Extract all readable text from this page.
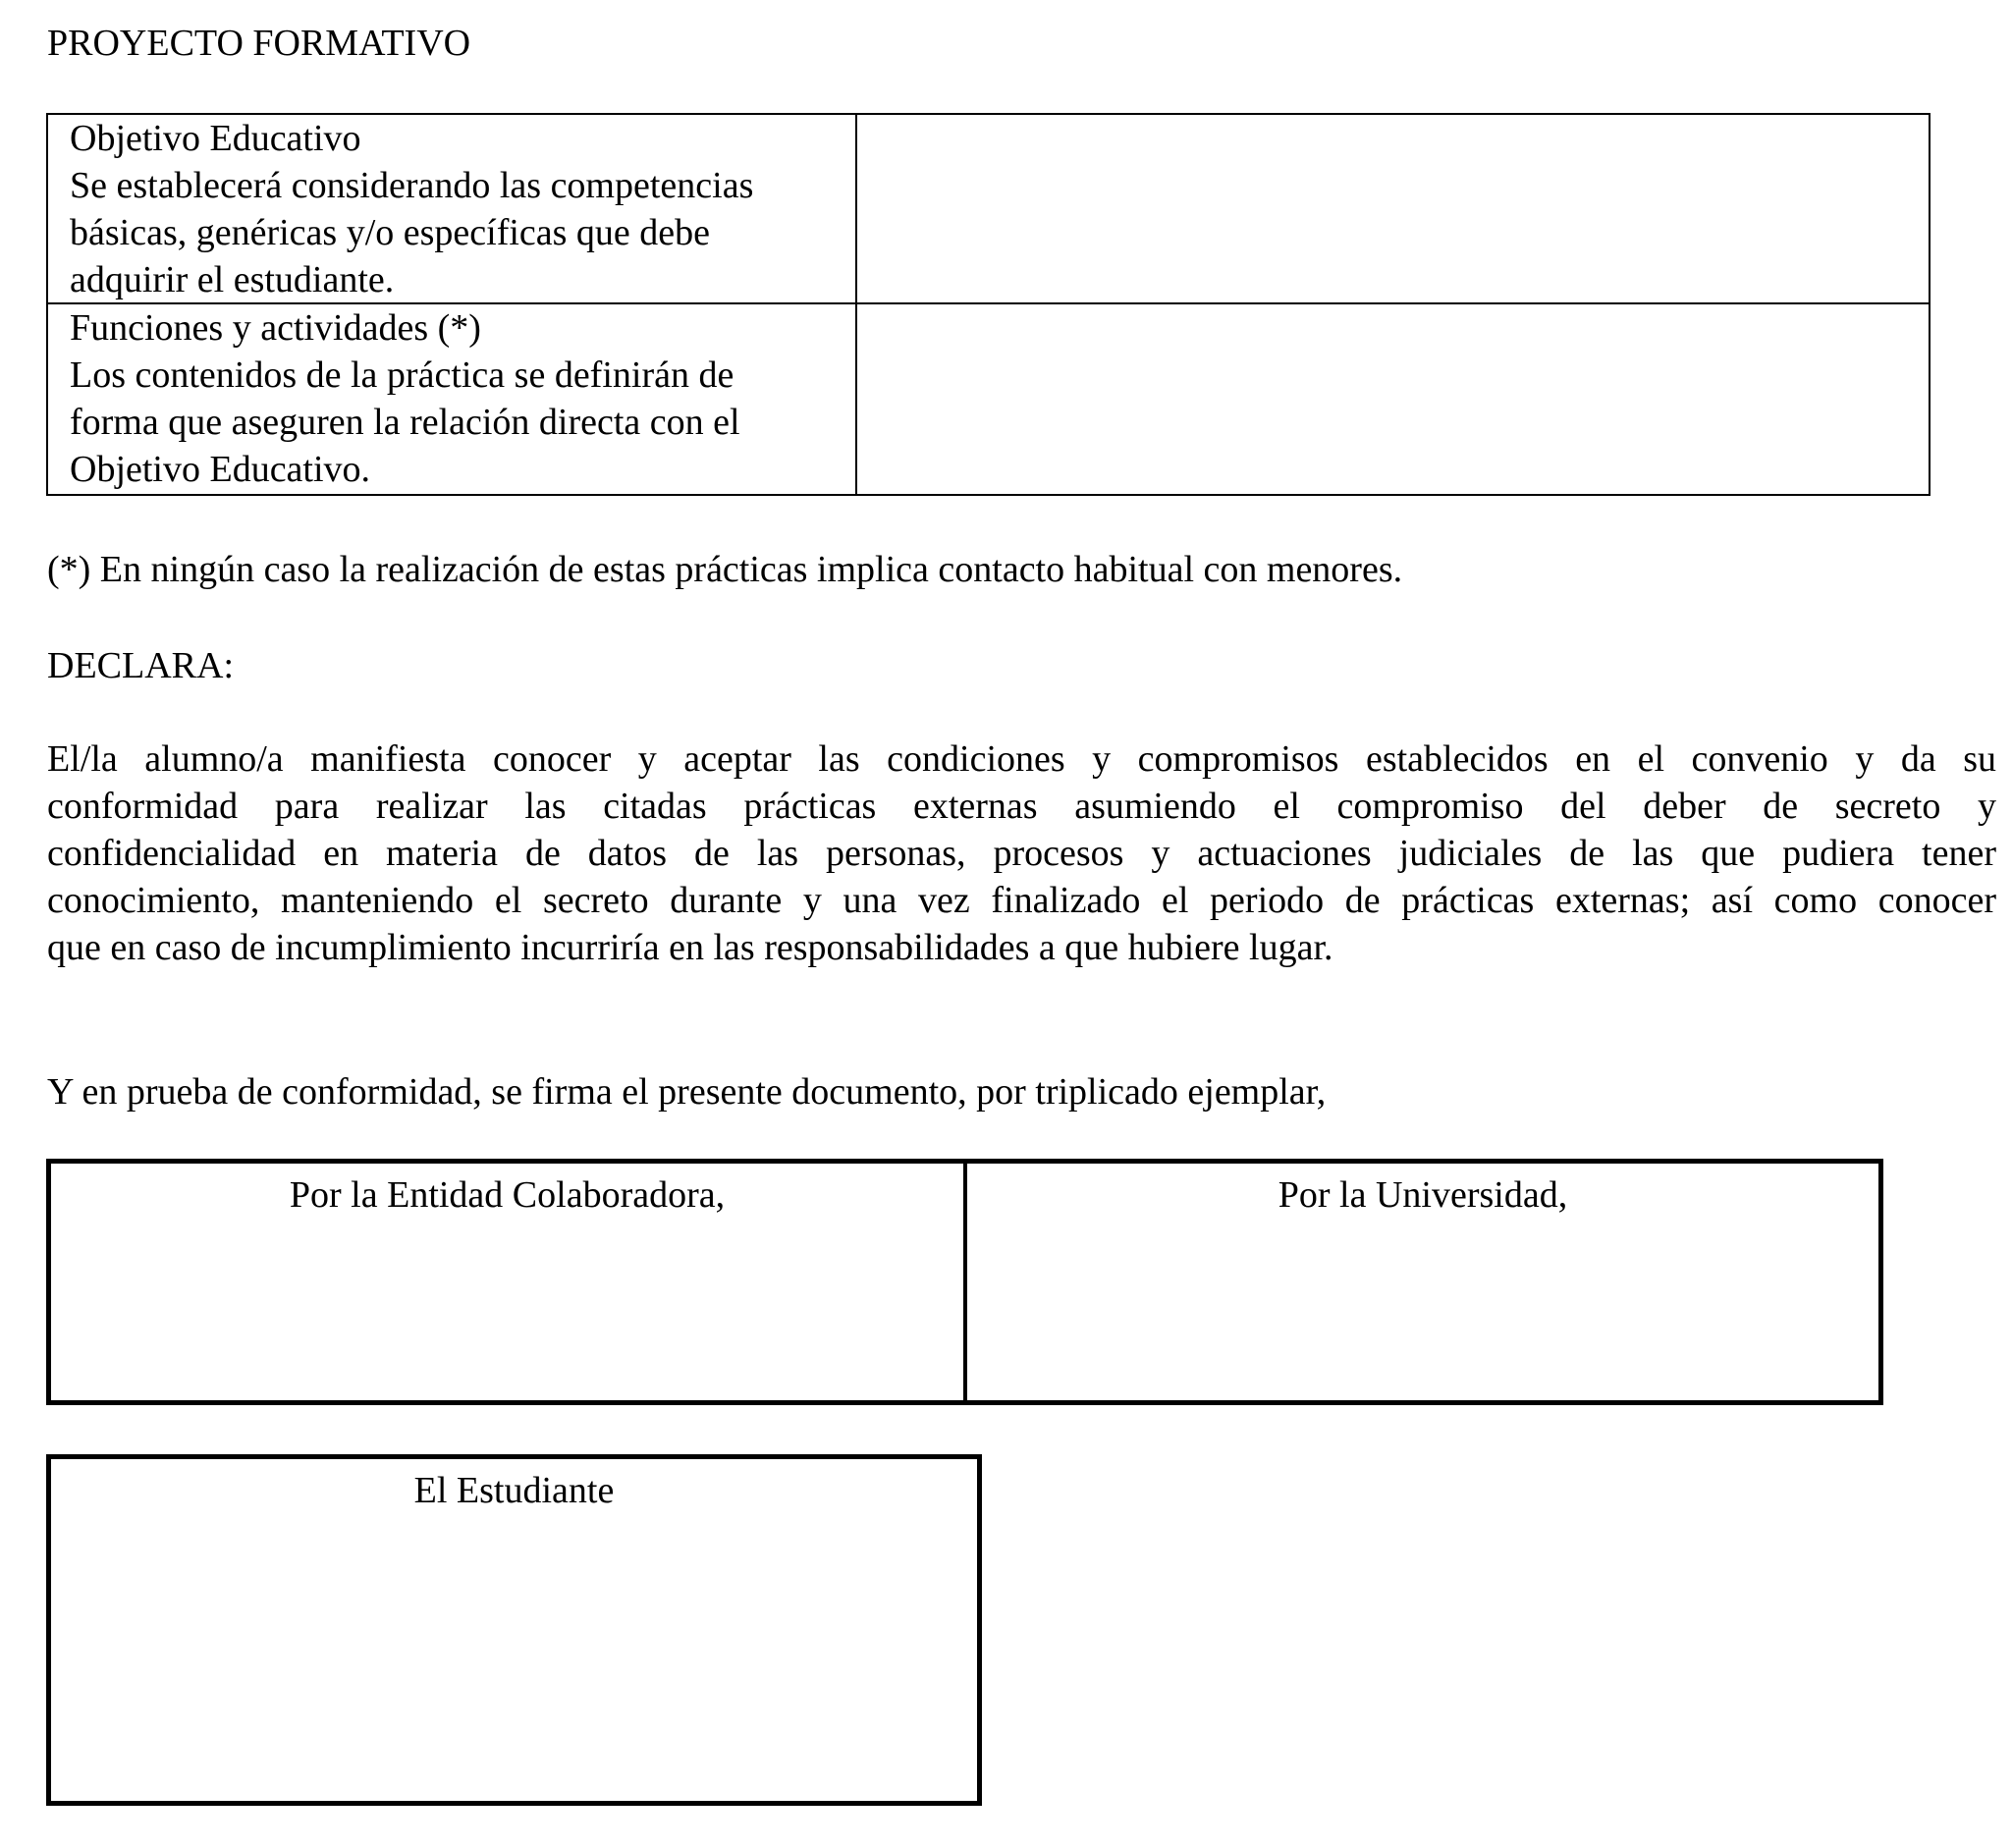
PROYECTO FORMATIVO
Objetivo Educativo
Se establecerá considerando las competencias
básicas, genéricas y/o específicas que debe
adquirir el estudiante.
Funciones y actividades (*)
Los contenidos de la práctica se definirán de
forma que aseguren la relación directa con el
Objetivo Educativo.
(*) En ningún caso la realización de estas prácticas implica contacto habitual con menores.
DECLARA:
El/la alumno/a manifiesta conocer y aceptar las condiciones y compromisos establecidos en el convenio y da su
conformidad para realizar las citadas prácticas externas asumiendo el compromiso del deber de secreto y
confidencialidad en materia de datos de las personas, procesos y actuaciones judiciales de las que pudiera tener
conocimiento, manteniendo el secreto durante y una vez finalizado el periodo de prácticas externas; así como conocer
que en caso de incumplimiento incurriría en las responsabilidades a que hubiere lugar.
Y en prueba de conformidad, se firma el presente documento, por triplicado ejemplar,
Por la Entidad Colaboradora,	Por la Universidad,
El Estudiante
